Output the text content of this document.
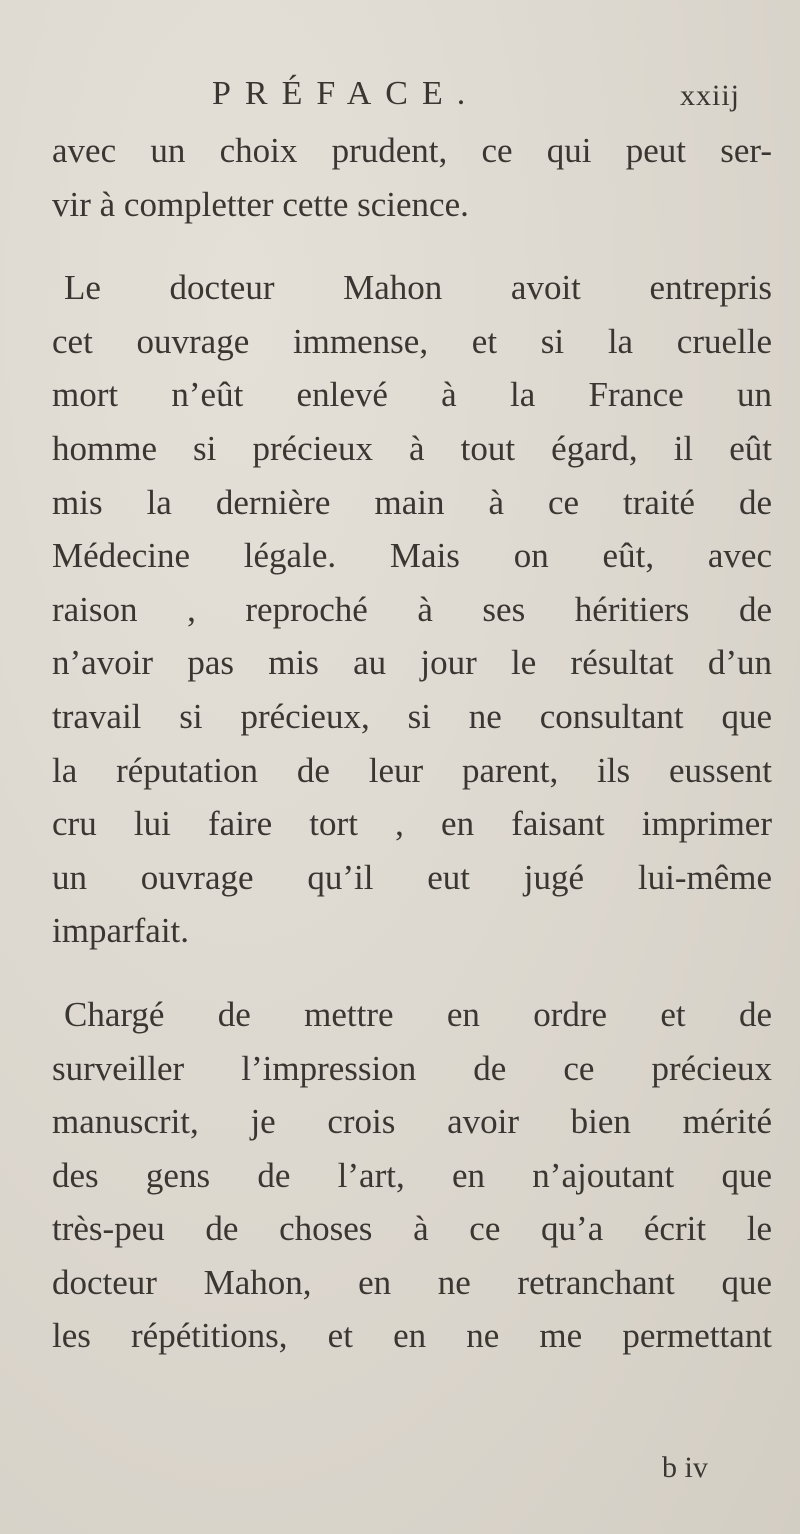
PRÉFACE.	xxiij
avec un choix prudent, ce qui peut ser-
vir à completter cette science.
Le docteur Mahon avoit entrepris
cet ouvrage immense, et si la cruelle
mort n’eût enlevé à la France un
homme si précieux à tout égard, il eût
mis la dernière main à ce traité de
Médecine légale. Mais on eût, avec
raison , reproché à ses héritiers de
n’avoir pas mis au jour le résultat d’un
travail si précieux, si ne consultant que
la réputation de leur parent, ils eussent
cru lui faire tort , en faisant imprimer
un ouvrage qu’il eut jugé lui-même
imparfait.
Chargé de mettre en ordre et de
surveiller l’impression de ce précieux
manuscrit, je crois avoir bien mérité
des gens de l’art, en n’ajoutant que
très-peu de choses à ce qu’a écrit le
docteur Mahon, en ne retranchant que
les répétitions, et en ne me permettant
b iv
